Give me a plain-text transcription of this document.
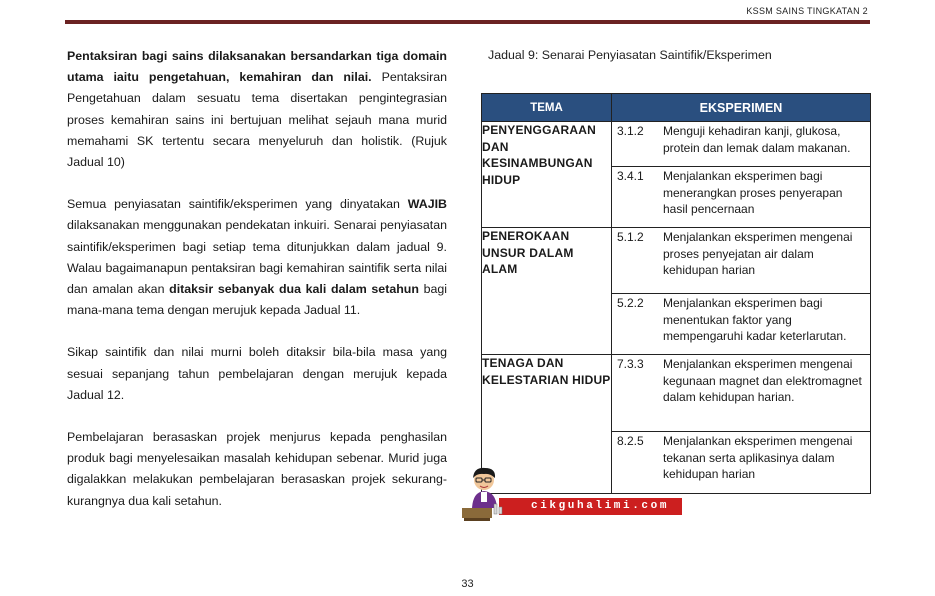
KSSM SAINS TINGKATAN 2

Pentaksiran bagi sains dilaksanakan bersandarkan tiga domain utama iaitu pengetahuan, kemahiran dan nilai. Pentaksiran Pengetahuan dalam sesuatu tema disertakan pengintegrasian proses kemahiran sains ini bertujuan melihat sejauh mana murid memahami SK tertentu secara menyeluruh dan holistik. (Rujuk Jadual 10)

Semua penyiasatan saintifik/eksperimen yang dinyatakan WAJIB dilaksanakan menggunakan pendekatan inkuiri. Senarai penyiasatan saintifik/eksperimen bagi setiap tema ditunjukkan dalam jadual 9. Walau bagaimanapun pentaksiran bagi kemahiran saintifik serta nilai dan amalan akan ditaksir sebanyak dua kali dalam setahun bagi mana-mana tema dengan merujuk kepada Jadual 11.

Sikap saintifik dan nilai murni boleh ditaksir bila-bila masa yang sesuai sepanjang tahun pembelajaran dengan merujuk kepada Jadual 12.

Pembelajaran berasaskan projek menjurus kepada penghasilan produk bagi menyelesaikan masalah kehidupan sebenar. Murid juga digalakkan melakukan pembelajaran berasaskan projek sekurang-kurangnya dua kali setahun.

Jadual 9: Senarai Penyiasatan Saintifik/Eksperimen
TEMA	EKSPERIMEN
PENYENGGARAAN DAN KESINAMBUNGAN HIDUP	3.1.2 Menguji kehadiran kanji, glukosa, protein dan lemak dalam makanan.

	3.4.1 Menjalankan eksperimen bagi menerangkan proses penyerapan hasil pencernaan

PENEROKAAN UNSUR DALAM ALAM	5.1.2 Menjalankan eksperimen mengenai proses penyejatan air dalam kehidupan harian

	5.2.2 Menjalankan eksperimen bagi menentukan faktor yang mempengaruhi kadar keterlarutan.

TENAGA DAN KELESTARIAN HIDUP	7.3.3 Menjalankan eksperimen mengenai kegunaan magnet dan elektromagnet dalam kehidupan harian.

	8.2.5 Menjalankan eksperimen mengenai tekanan serta aplikasinya dalam kehidupan harian
cikguhalimi.com
33
